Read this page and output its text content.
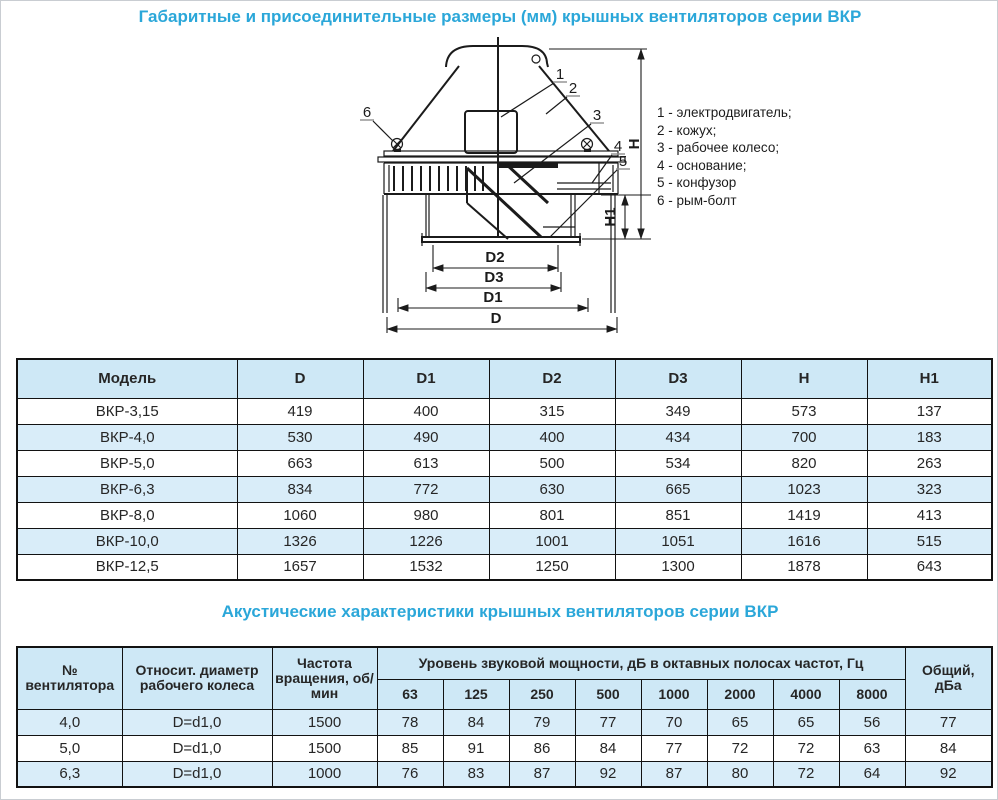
Габаритные и присоединительные размеры (мм) крышных вентиляторов серии ВКР
H
H1
D2
D3
D1
D
1
2
3
4
5
6	1 - электродвигатель;
2 - кожух;
3 - рабочее колесо;
4 - основание;
5 - конфузор
6 - рым-болт
Модель	D	D1	D2	D3	H	H1
ВКР-3,15	419	400	315	349	573	137
ВКР-4,0	530	490	400	434	700	183
ВКР-5,0	663	613	500	534	820	263
ВКР-6,3	834	772	630	665	1023	323
ВКР-8,0	1060	980	801	851	1419	413
ВКР-10,0	1326	1226	1001	1051	1616	515
ВКР-12,5	1657	1532	1250	1300	1878	643
Акустические характеристики крышных вентиляторов серии ВКР
№ вентилятора	Относит. диаметр рабочего колеса	Частота вращения, об/мин	Уровень звуковой мощности, дБ в октавных полосах частот, Гц								Общий, дБа
			63	125	250	500	1000	2000	4000	8000	
4,0	D=d1,0	1500	78	84	79	77	70	65	65	56	77
5,0	D=d1,0	1500	85	91	86	84	77	72	72	63	84
6,3	D=d1,0	1000	76	83	87	92	87	80	72	64	92
